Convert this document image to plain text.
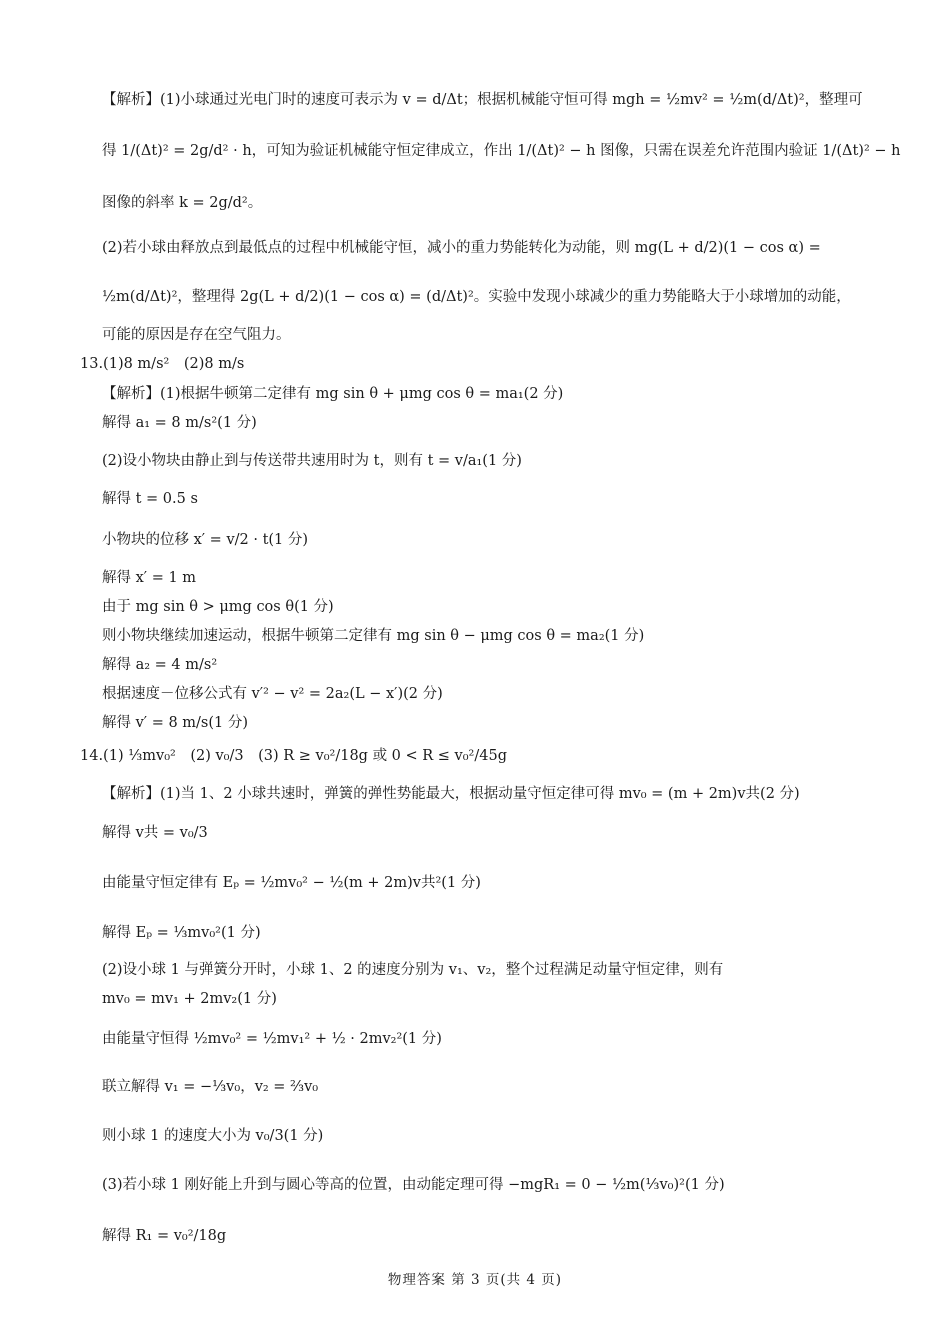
【解析】(1)小球通过光电门时的速度可表示为 v = d/Δt；根据机械能守恒可得 mgh = ½mv² = ½m(d/Δt)²，整理可
得 1/(Δt)² = 2g/d² · h，可知为验证机械能守恒定律成立，作出 1/(Δt)² − h 图像，只需在误差允许范围内验证 1/(Δt)² − h
图像的斜率 k = 2g/d²。
(2)若小球由释放点到最低点的过程中机械能守恒，减小的重力势能转化为动能，则 mg(L + d/2)(1 − cos α) =
½m(d/Δt)²，整理得 2g(L + d/2)(1 − cos α) = (d/Δt)²。实验中发现小球减少的重力势能略大于小球增加的动能，
可能的原因是存在空气阻力。
13.(1)8 m/s²　(2)8 m/s
【解析】(1)根据牛顿第二定律有 mg sin θ + μmg cos θ = ma₁(2 分)
解得 a₁ = 8 m/s²(1 分)
(2)设小物块由静止到与传送带共速用时为 t，则有 t = v/a₁(1 分)
解得 t = 0.5 s
小物块的位移 x′ = v/2 · t(1 分)
解得 x′ = 1 m
由于 mg sin θ > μmg cos θ(1 分)
则小物块继续加速运动，根据牛顿第二定律有 mg sin θ − μmg cos θ = ma₂(1 分)
解得 a₂ = 4 m/s²
根据速度－位移公式有 v′² − v² = 2a₂(L − x′)(2 分)
解得 v′ = 8 m/s(1 分)
14.(1) ⅓mv₀²　(2) v₀/3　(3) R ≥ v₀²/18g 或 0 < R ≤ v₀²/45g
【解析】(1)当 1、2 小球共速时，弹簧的弹性势能最大，根据动量守恒定律可得 mv₀ = (m + 2m)v共(2 分)
解得 v共 = v₀/3
由能量守恒定律有 Eₚ = ½mv₀² − ½(m + 2m)v共²(1 分)
解得 Eₚ = ⅓mv₀²(1 分)
(2)设小球 1 与弹簧分开时，小球 1、2 的速度分别为 v₁、v₂，整个过程满足动量守恒定律，则有
mv₀ = mv₁ + 2mv₂(1 分)
由能量守恒得 ½mv₀² = ½mv₁² + ½ · 2mv₂²(1 分)
联立解得 v₁ = −⅓v₀，v₂ = ⅔v₀
则小球 1 的速度大小为 v₀/3(1 分)
(3)若小球 1 刚好能上升到与圆心等高的位置，由动能定理可得 −mgR₁ = 0 − ½m(⅓v₀)²(1 分)
解得 R₁ = v₀²/18g
物理答案 第 3 页(共 4 页)
